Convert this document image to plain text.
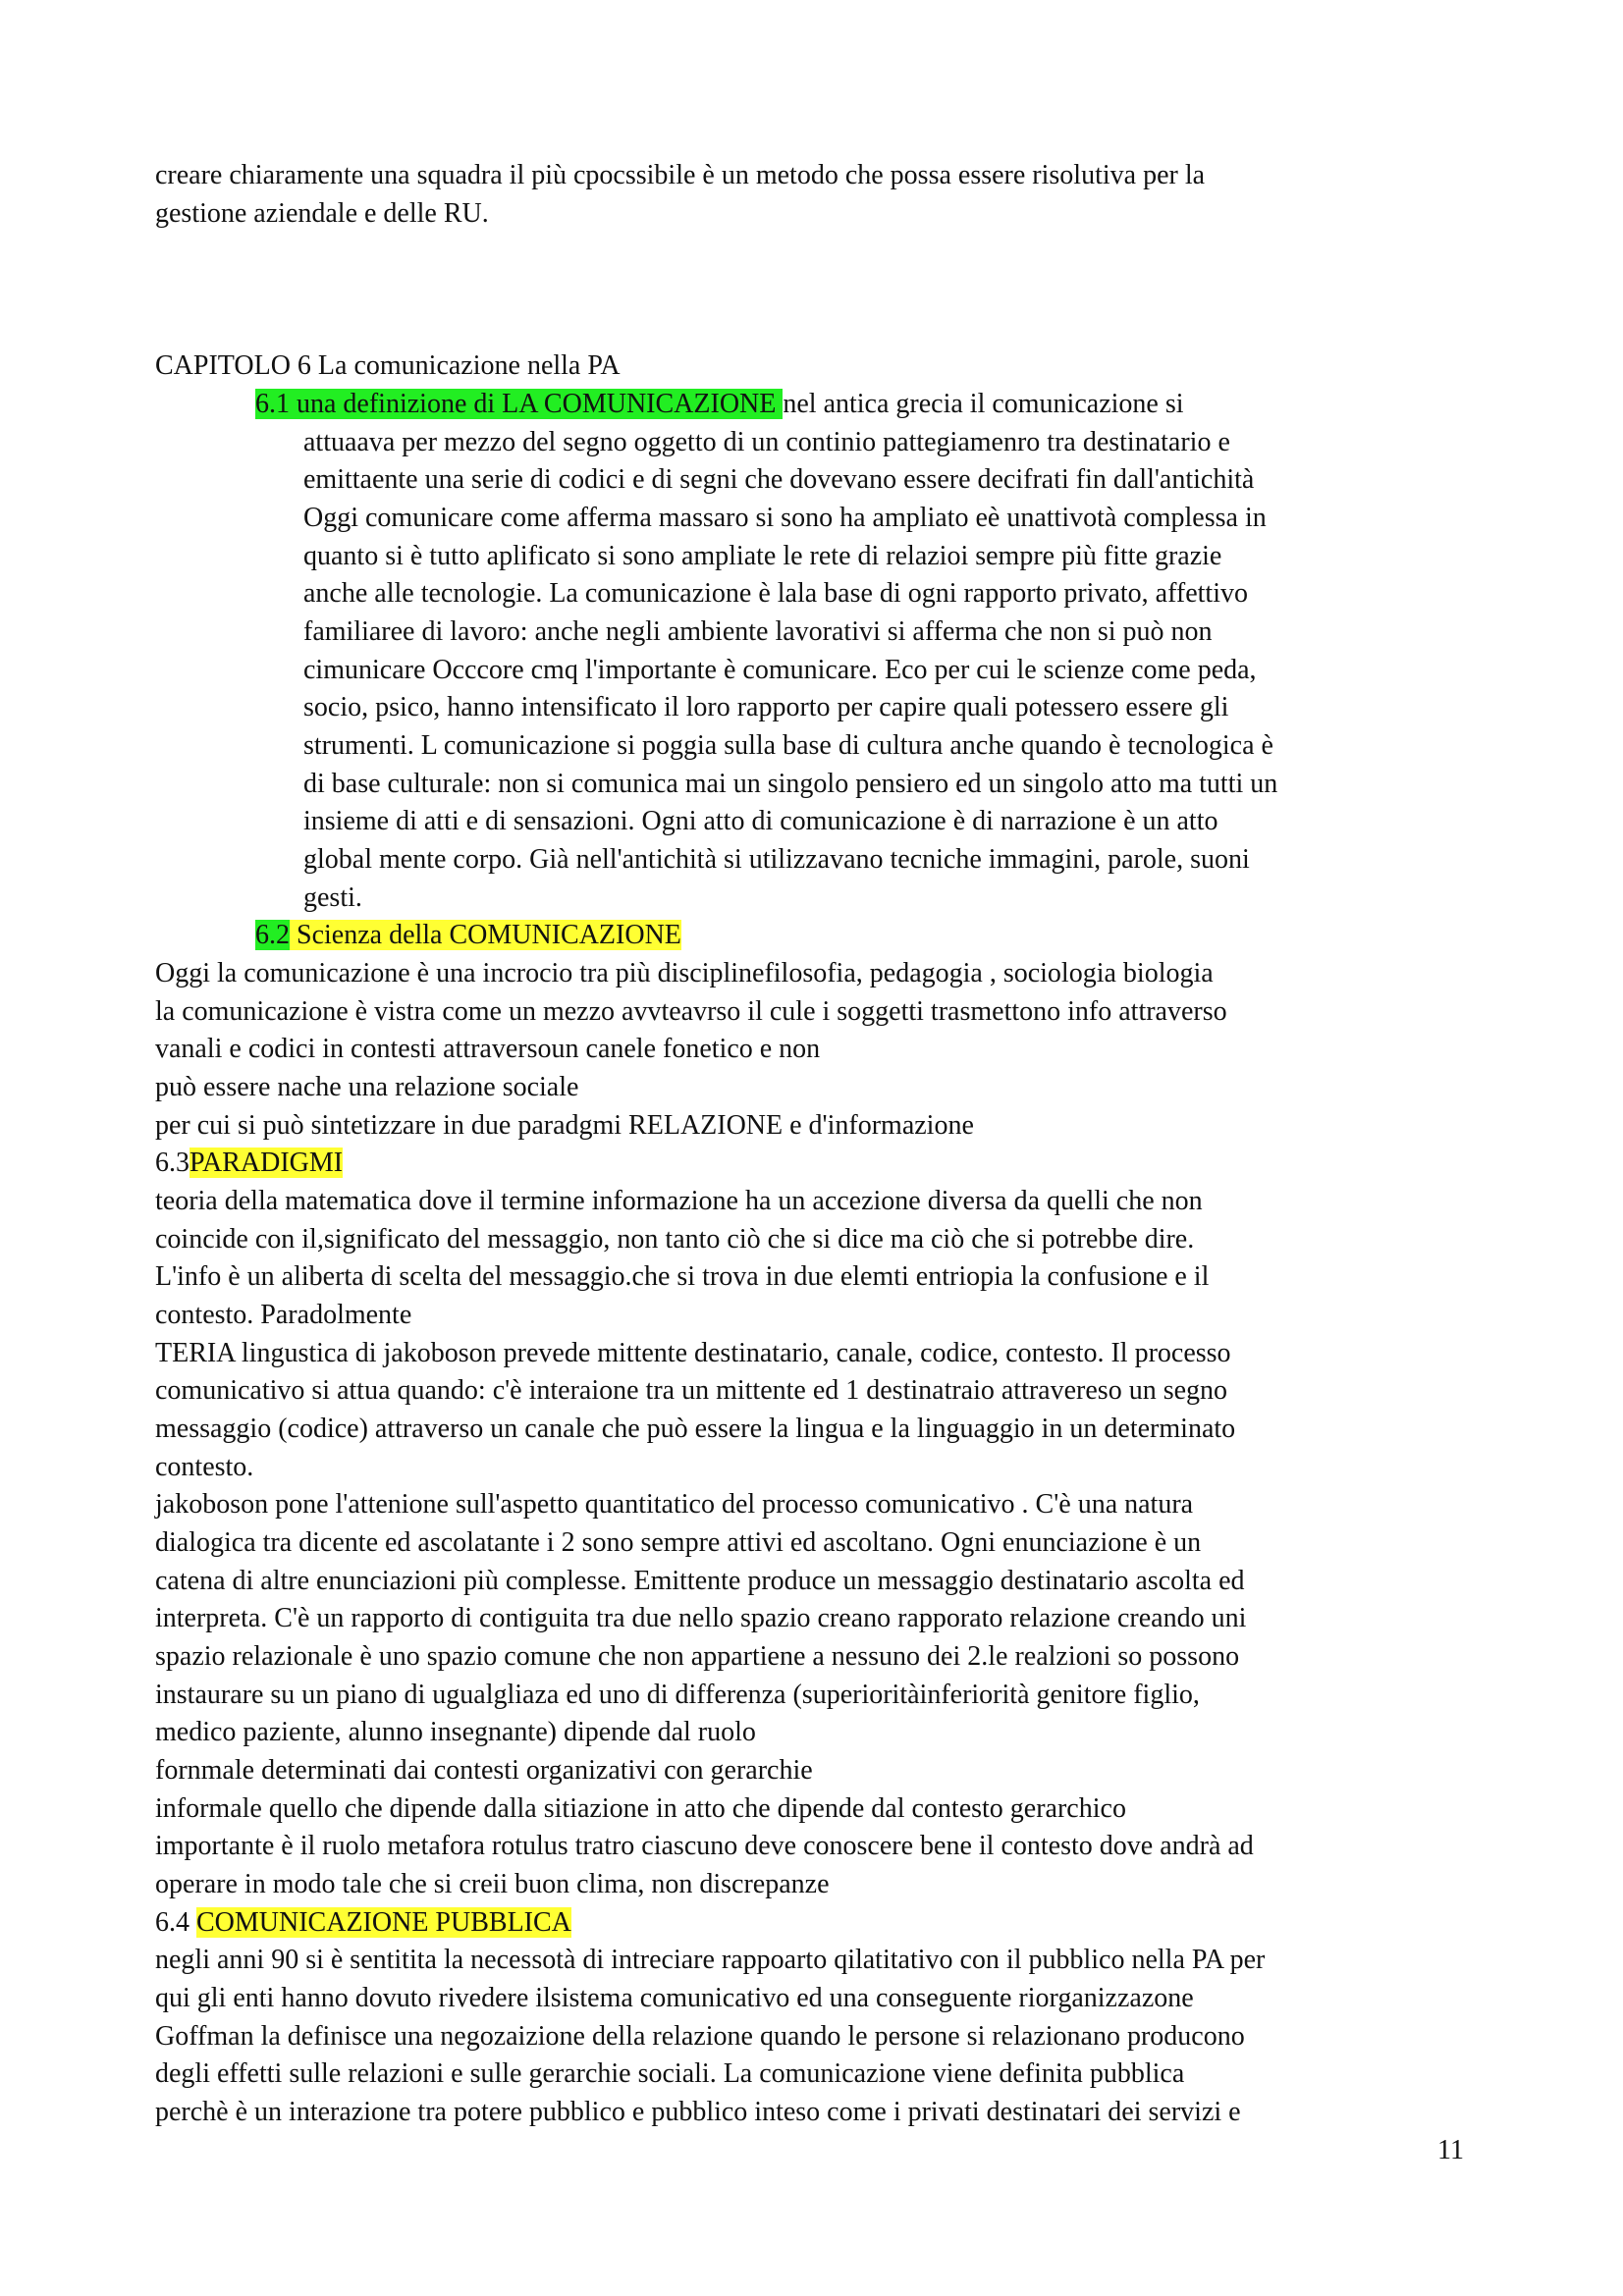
creare chiaramente una squadra il più cpocssibile è un metodo che possa essere risolutiva per la
gestione aziendale e delle RU.
CAPITOLO 6 La comunicazione nella PA
6.1 una definizione di LA COMUNICAZIONE nel antica grecia il comunicazione si
attuaava per mezzo del segno oggetto di un continio pattegiamenro tra destinatario e
emittaente una serie di codici e di segni che dovevano essere decifrati fin dall'antichità
Oggi comunicare come afferma massaro si sono ha ampliato eè unattivotà complessa in
quanto si è tutto aplificato si sono ampliate le rete di relazioi sempre più fitte grazie
anche alle tecnologie. La comunicazione è lala base di ogni rapporto privato, affettivo
familiaree di lavoro: anche negli ambiente lavorativi si afferma che non si può non
cimunicare Occcore cmq l'importante è comunicare. Eco per cui le scienze come peda,
socio, psico, hanno intensificato il loro rapporto per capire quali potessero essere gli
strumenti. L comunicazione si poggia sulla base di cultura anche quando è tecnologica è
di base culturale: non si comunica mai un singolo pensiero ed un singolo atto ma tutti un
insieme di atti e di sensazioni. Ogni atto di comunicazione è di narrazione è un atto
global mente corpo. Già nell'antichità si utilizzavano tecniche immagini, parole, suoni
gesti.
6.2 Scienza della COMUNICAZIONE
Oggi la comunicazione è una incrocio tra più disciplinefilosofia, pedagogia , sociologia biologia
la comunicazione è vistra come un mezzo avvteavrso il cule i soggetti trasmettono info attraverso
vanali e codici in contesti attraversoun canele fonetico e non
può essere nache una relazione sociale
per cui si può sintetizzare in due paradgmi RELAZIONE e d'informazione
6.3PARADIGMI
teoria della matematica dove il termine informazione ha un accezione diversa da quelli che non
coincide con il,significato del messaggio, non tanto ciò che si dice ma ciò che si potrebbe dire.
L'info è un aliberta di scelta del messaggio.che si trova in due elemti entriopia la confusione e il
contesto. Paradolmente
TERIA lingustica di jakoboson prevede mittente destinatario, canale, codice, contesto. Il processo
comunicativo si attua quando: c'è interaione tra un mittente ed 1 destinatraio attravereso un segno
messaggio (codice) attraverso un canale che può essere la lingua e la linguaggio in un determinato
contesto.
jakoboson pone l'attenione sull'aspetto quantitatico del processo comunicativo . C'è una natura
dialogica tra dicente ed ascolatante i 2 sono sempre attivi ed ascoltano. Ogni enunciazione è un
catena di altre enunciazioni più complesse. Emittente produce un messaggio destinatario ascolta ed
interpreta. C'è un rapporto di contiguita tra due nello spazio creano rapporato relazione creando uni
spazio relazionale è uno spazio comune che non appartiene a nessuno dei 2.le realzioni so possono
instaurare su un piano di ugualgliaza ed uno di differenza (superioritàinferiorità genitore figlio,
medico paziente, alunno insegnante) dipende dal ruolo
fornmale determinati dai contesti organizativi con gerarchie
informale quello che dipende dalla sitiazione in atto che dipende dal contesto gerarchico
importante è il ruolo metafora rotulus tratro ciascuno deve conoscere bene il contesto dove andrà ad
operare in modo tale che si creii buon clima, non discrepanze
6.4 COMUNICAZIONE PUBBLICA
negli anni 90 si è sentitita la necessotà di intreciare rappoarto qilatitativo con il pubblico nella PA per
qui gli enti hanno dovuto rivedere ilsistema comunicativo ed una conseguente riorganizzazone
Goffman la definisce una negozaizione della relazione quando le persone si relazionano producono
degli effetti sulle relazioni e sulle gerarchie sociali. La comunicazione viene definita pubblica
perchè è un interazione tra potere pubblico e pubblico inteso come i privati destinatari dei servizi e
11
